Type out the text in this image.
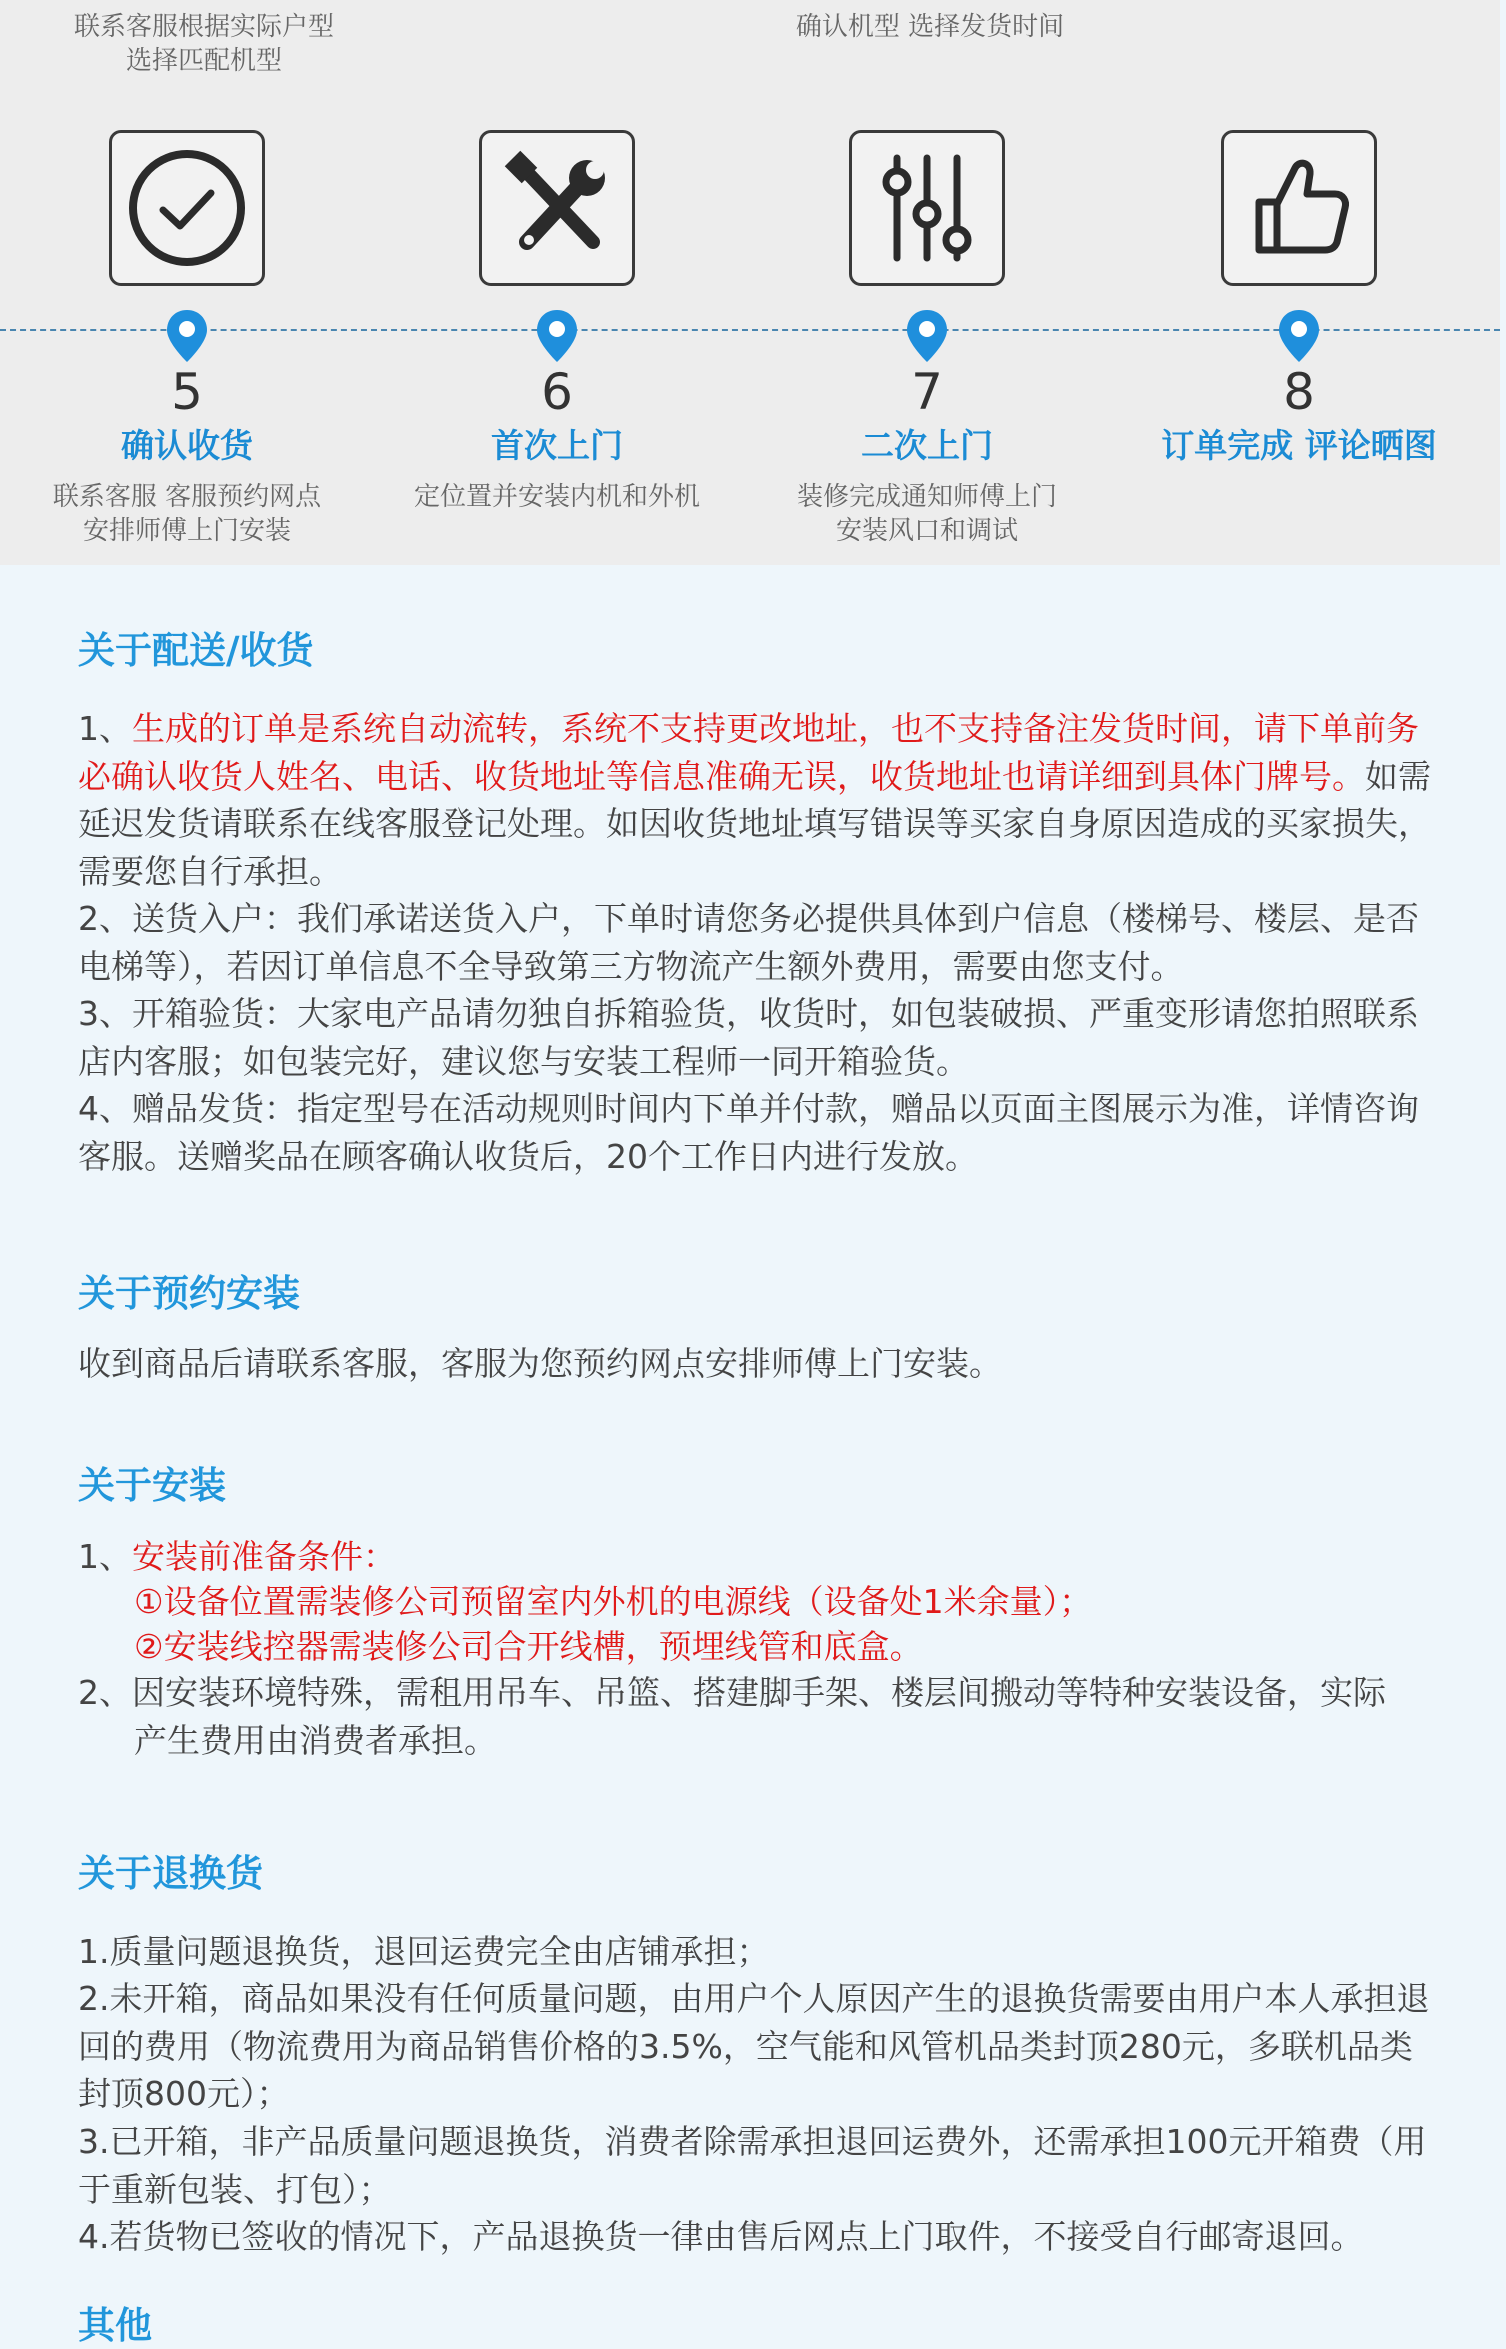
联系客服根据实际户型
选择匹配机型
确认机型 选择发货时间
5
确认收货
联系客服 客服预约网点
安排师傅上门安装
6
首次上门
定位置并安装内机和外机
7
二次上门
装修完成通知师傅上门
安装风口和调试
8
订单完成 评论晒图
关于配送/收货
1、生成的订单是系统自动流转，系统不支持更改地址，也不支持备注发货时间，请下单前务必确认收货人姓名、电话、收货地址等信息准确无误，收货地址也请详细到具体门牌号。如需延迟发货请联系在线客服登记处理。如因收货地址填写错误等买家自身原因造成的买家损失，需要您自行承担。
2、送货入户：我们承诺送货入户，下单时请您务必提供具体到户信息（楼梯号、楼层、是否电梯等），若因订单信息不全导致第三方物流产生额外费用，需要由您支付。
3、开箱验货：大家电产品请勿独自拆箱验货，收货时，如包装破损、严重变形请您拍照联系店内客服；如包装完好，建议您与安装工程师一同开箱验货。
4、赠品发货：指定型号在活动规则时间内下单并付款，赠品以页面主图展示为准，详情咨询客服。送赠奖品在顾客确认收货后，20个工作日内进行发放。
关于预约安装
收到商品后请联系客服，客服为您预约网点安排师傅上门安装。
关于安装
1、安装前准备条件：
①设备位置需装修公司预留室内外机的电源线（设备处1米余量）；
②安装线控器需装修公司合开线槽，预埋线管和底盒。
2、因安装环境特殊，需租用吊车、吊篮、搭建脚手架、楼层间搬动等特种安装设备，实际
产生费用由消费者承担。
关于退换货
1.质量问题退换货，退回运费完全由店铺承担；
2.未开箱，商品如果没有任何质量问题，由用户个人原因产生的退换货需要由用户本人承担退回的费用（物流费用为商品销售价格的3.5%，空气能和风管机品类封顶280元，多联机品类封顶800元）；
3.已开箱，非产品质量问题退换货，消费者除需承担退回运费外，还需承担100元开箱费（用于重新包装、打包）；
4.若货物已签收的情况下，产品退换货一律由售后网点上门取件，不接受自行邮寄退回。
其他
